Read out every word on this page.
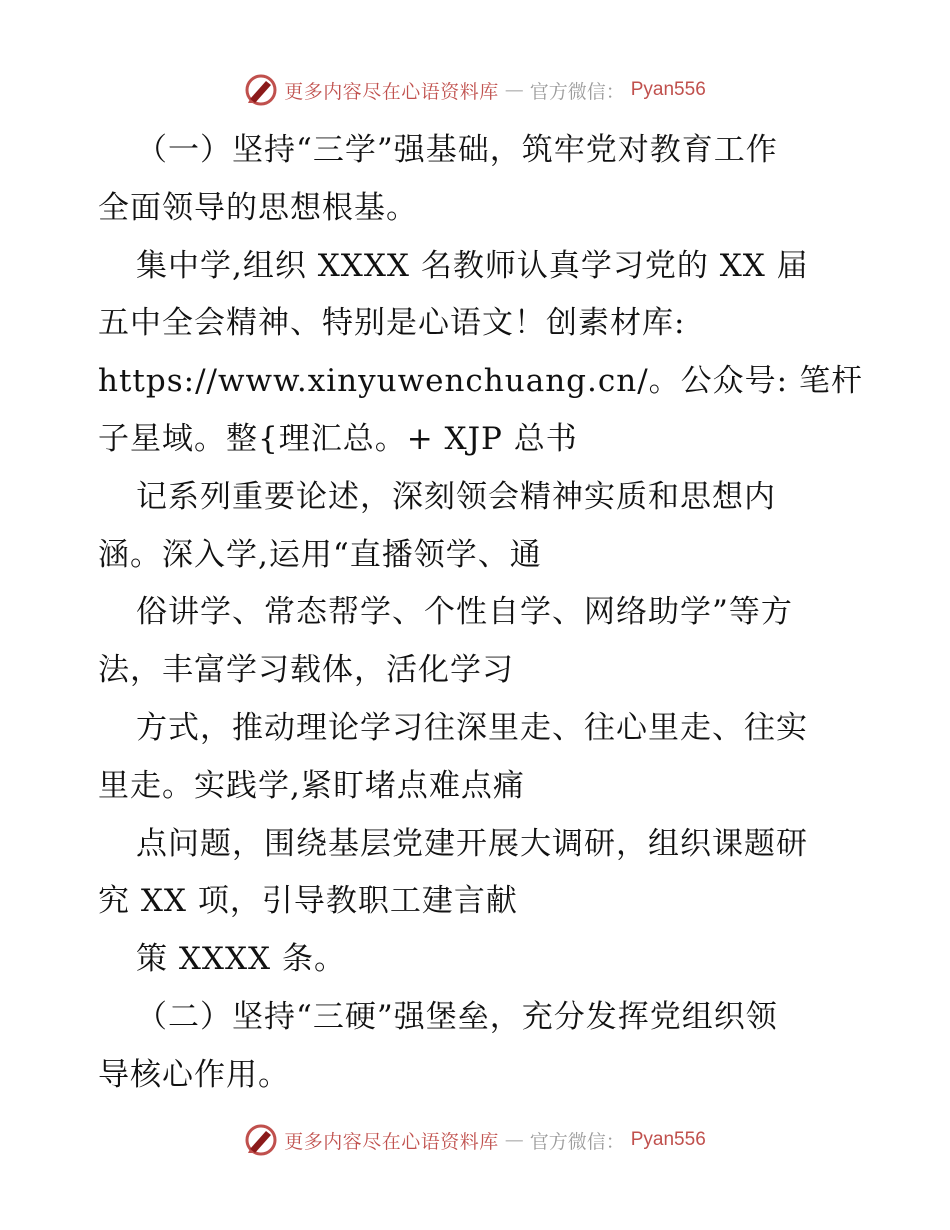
更多内容尽在心语资料库 — 官方微信： Pyan556
（一）坚持“三学”强基础，筑牢党对教育工作
全面领导的思想根基。
集中学,组织 XXXX 名教师认真学习党的 XX 届
五中全会精神、特别是心语文！创素材库:
https://www.xinyuwenchuang.cn/。公众号: 笔杆
子星域。整{理汇总。+ XJP 总书
记系列重要论述，深刻领会精神实质和思想内
涵。深入学,运用“直播领学、通
俗讲学、常态帮学、个性自学、网络助学”等方
法，丰富学习载体，活化学习
方式，推动理论学习往深里走、往心里走、往实
里走。实践学,紧盯堵点难点痛
点问题，围绕基层党建开展大调研，组织课题研
究 XX 项，引导教职工建言献
策 XXXX 条。
（二）坚持“三硬”强堡垒，充分发挥党组织领
导核心作用。
更多内容尽在心语资料库 — 官方微信： Pyan556
